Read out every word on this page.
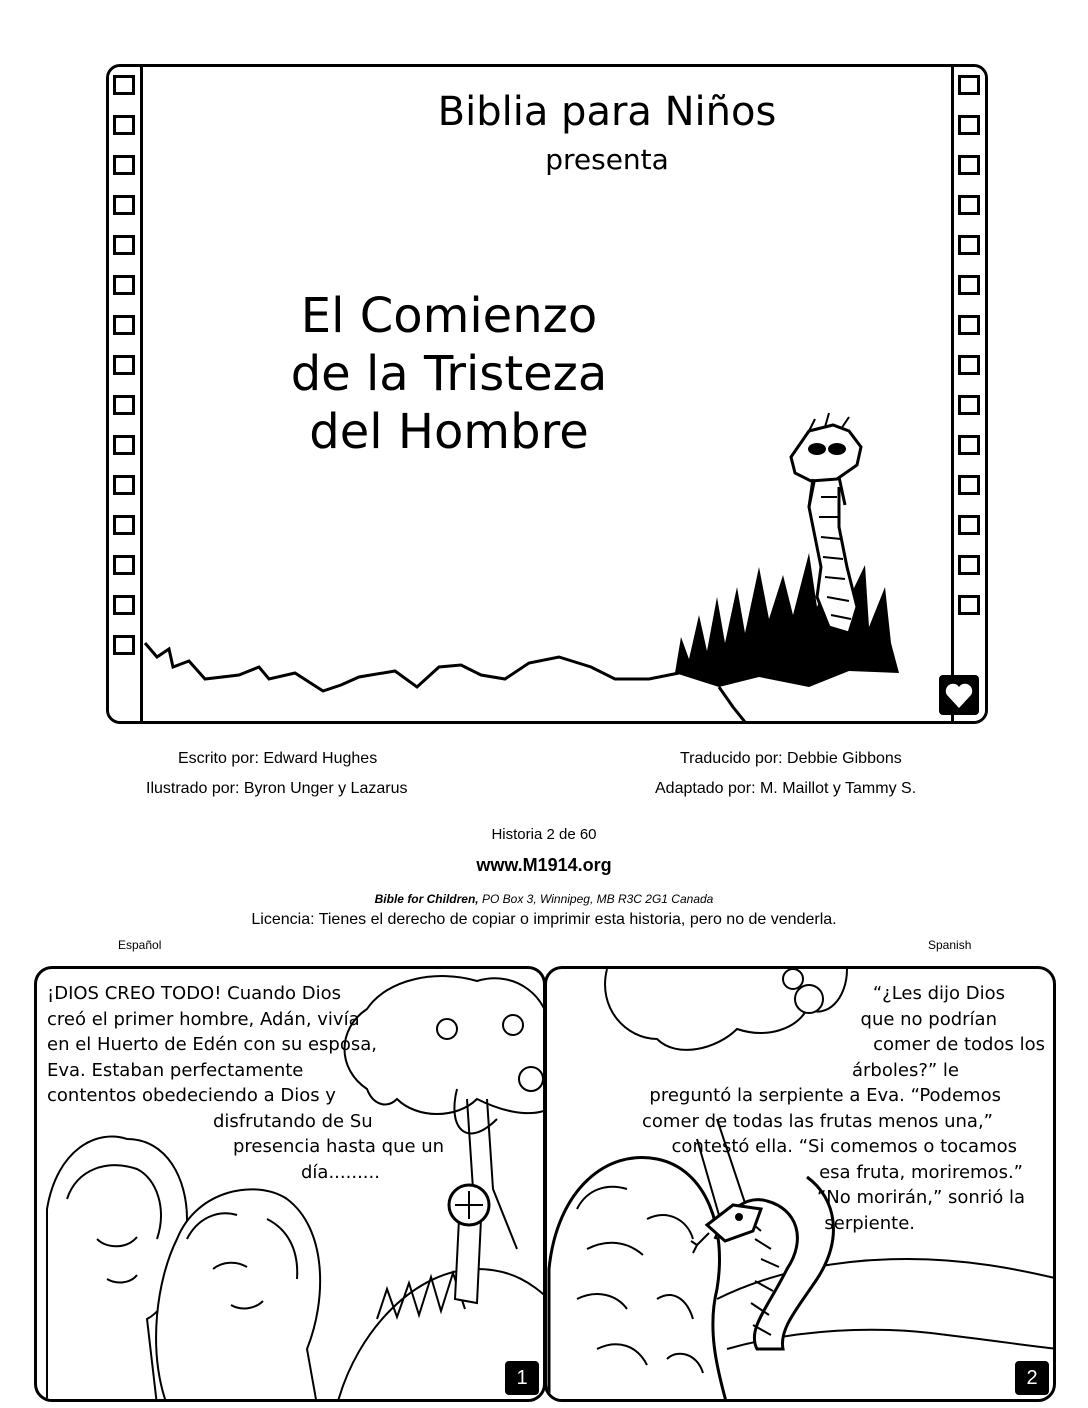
Biblia para Niños
presenta
El Comienzo
de la Tristeza
del Hombre
Escrito por: Edward Hughes
Ilustrado por: Byron Unger y Lazarus
Traducido por: Debbie Gibbons
Adaptado por: M. Maillot y Tammy S.
Historia 2 de 60
www.M1914.org
Bible for Children, PO Box 3, Winnipeg, MB R3C 2G1 Canada
Licencia: Tienes el derecho de copiar o imprimir esta historia, pero no de venderla.
Español	Spanish
¡DIOS CREO TODO! Cuando Dios
creó el primer hombre, Adán, vivía
en el Huerto de Edén con su esposa,
Eva. Estaban perfectamente
contentos obedeciendo a Dios y
disfrutando de Su
presencia hasta que un
día.........
1
“¿Les dijo Dios
que no podrían
comer de todos los
árboles?” le
preguntó la serpiente a Eva. “Podemos
comer de todas las frutas menos una,”
contestó ella. “Si comemos o tocamos
esa fruta, moriremos.”
“No morirán,” sonrió la
serpiente.
2
